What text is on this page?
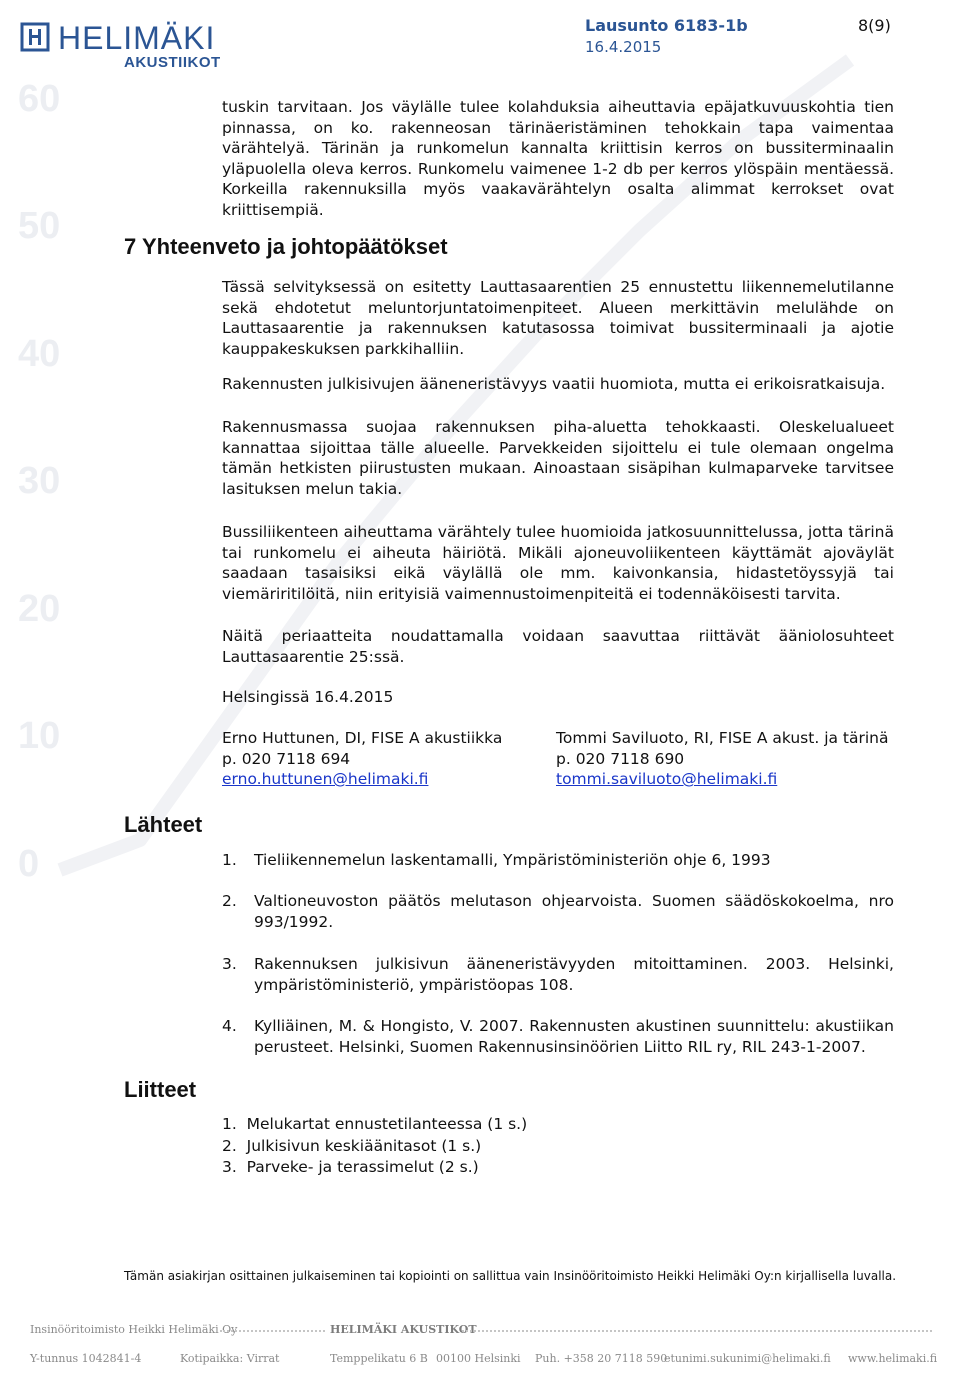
60
50
40
30
20
10
0
HELIMÄKI
AKUSTIIKOT
Lausunto 6183-1b
16.4.2015
8(9)

tuskin tarvitaan. Jos väylälle tulee kolahduksia aiheuttavia epäjatkuvuuskohtia tien pinnassa, on ko. rakenneosan tärinäeristäminen tehokkain tapa vaimentaa värähtelyä. Tärinän ja runkomelun kannalta kriittisin kerros on bussiterminaalin yläpuolella oleva kerros. Runkomelu vaimenee 1-2 db per kerros ylöspäin mentäessä. Korkeilla rakennuksilla myös vaakavärähtelyn osalta alimmat kerrokset ovat kriittisempiä.

7 Yhteenveto ja johtopäätökset

Tässä selvityksessä on esitetty Lauttasaarentien 25 ennustettu liikennemelutilanne sekä ehdotetut meluntorjuntatoimenpiteet. Alueen merkittävin melulähde on Lauttasaarentie ja rakennuksen katutasossa toimivat bussiterminaali ja ajotie kauppakeskuksen parkkihalliin.

Rakennusten julkisivujen ääneneristävyys vaatii huomiota, mutta ei erikoisratkaisuja.

Rakennusmassa suojaa rakennuksen piha-aluetta tehokkaasti. Oleskelualueet kannattaa sijoittaa tälle alueelle. Parvekkeiden sijoittelu ei tule olemaan ongelma tämän hetkisten piirustusten mukaan. Ainoastaan sisäpihan kulmaparveke tarvitsee lasituksen melun takia.

Bussiliikenteen aiheuttama värähtely tulee huomioida jatkosuunnittelussa, jotta tärinä tai runkomelu ei aiheuta häiriötä. Mikäli ajoneuvoliikenteen käyttämät ajoväylät saadaan tasaisiksi eikä väylällä ole mm. kaivonkansia, hidastetöyssyjä tai viemäriritilöitä, niin erityisiä vaimennustoimenpiteitä ei todennäköisesti tarvita.

Näitä periaatteita noudattamalla voidaan saavuttaa riittävät ääniolosuhteet Lauttasaarentie 25:ssä.

Helsingissä 16.4.2015

Erno Huttunen, DI, FISE A akustiikka
p. 020 7118 694
erno.huttunen@helimaki.fi
Tommi Saviluoto, RI, FISE A akust. ja tärinä
p. 020 7118 690
tommi.saviluoto@helimaki.fi
Lähteet
1. Tieliikennemelun laskentamalli, Ympäristöministeriön ohje 6, 1993
2. Valtioneuvoston päätös melutason ohjearvoista. Suomen säädöskokoelma, nro 993/1992.
3. Rakennuksen julkisivun ääneneristävyyden mitoittaminen. 2003. Helsinki, ympäristöministeriö, ympäristöopas 108.
4. Kylliäinen, M. & Hongisto, V. 2007. Rakennusten akustinen suunnittelu: akustiikan perusteet. Helsinki, Suomen Rakennusinsinöörien Liitto RIL ry, RIL 243-1-2007.
Liitteet
1.  Melukartat ennustetilanteessa (1 s.)
2.  Julkisivun keskiäänitasot (1 s.)
3.  Parveke- ja terassimelut (2 s.)
Tämän asiakirjan osittainen julkaiseminen tai kopiointi on sallittua vain Insinööritoimisto Heikki Helimäki Oy:n kirjallisella luvalla.
Insinööritoimisto Heikki Helimäki Oy	HELIMÄKI AKUSTIKOT
Y-tunnus 1042841-4	Kotipaikka: Virrat	Temppelikatu 6 B 00100 Helsinki Puh. +358 20 7118 590
etunimi.sukunimi@helimaki.fi www.helimaki.fi
